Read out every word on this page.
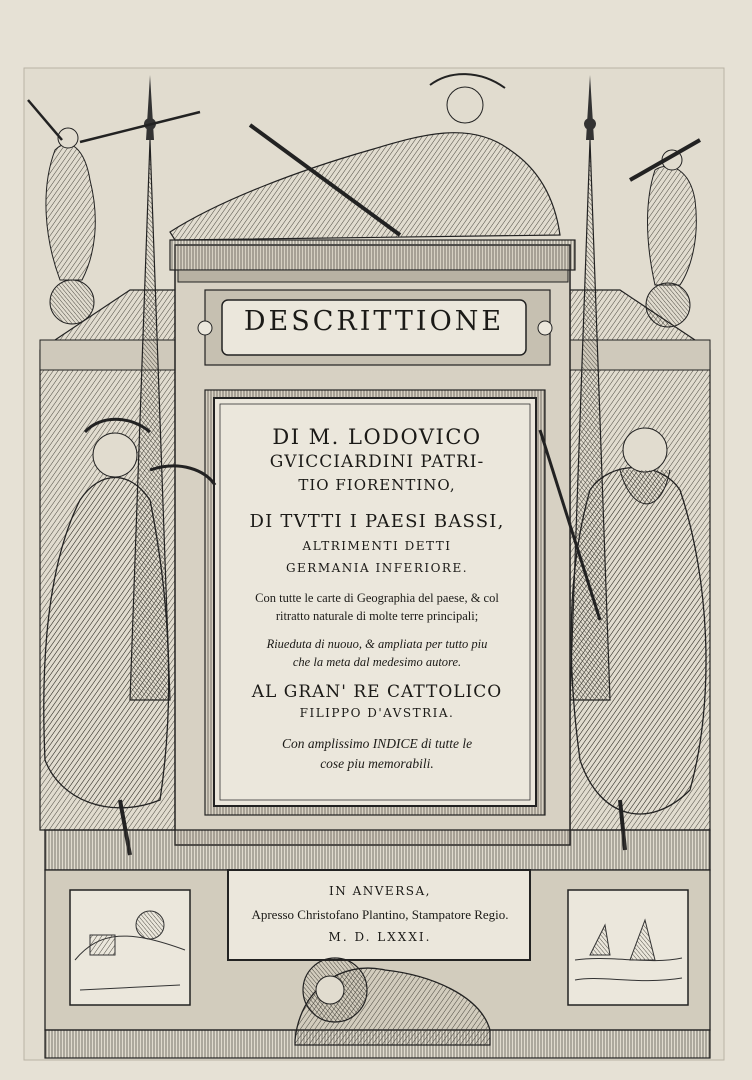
DESCRITTIONE
DI M. LODOVICO
GVICCIARDINI PATRI-
TIO FIORENTINO,
DI TVTTI I PAESI BASSI,
ALTRIMENTI DETTI
GERMANIA INFERIORE.
Con tutte le carte di Geographia del paese, & col
ritratto naturale di molte terre principali;
Riueduta di nuouo, & ampliata per tutto piu
che la meta dal medesimo autore.
AL GRAN' RE CATTOLICO
FILIPPO D'AVSTRIA.
Con amplissimo INDICE di tutte le
cose piu memorabili.
IN ANVERSA,
Apresso Christofano Plantino, Stampatore Regio.
M. D. LXXXI.
